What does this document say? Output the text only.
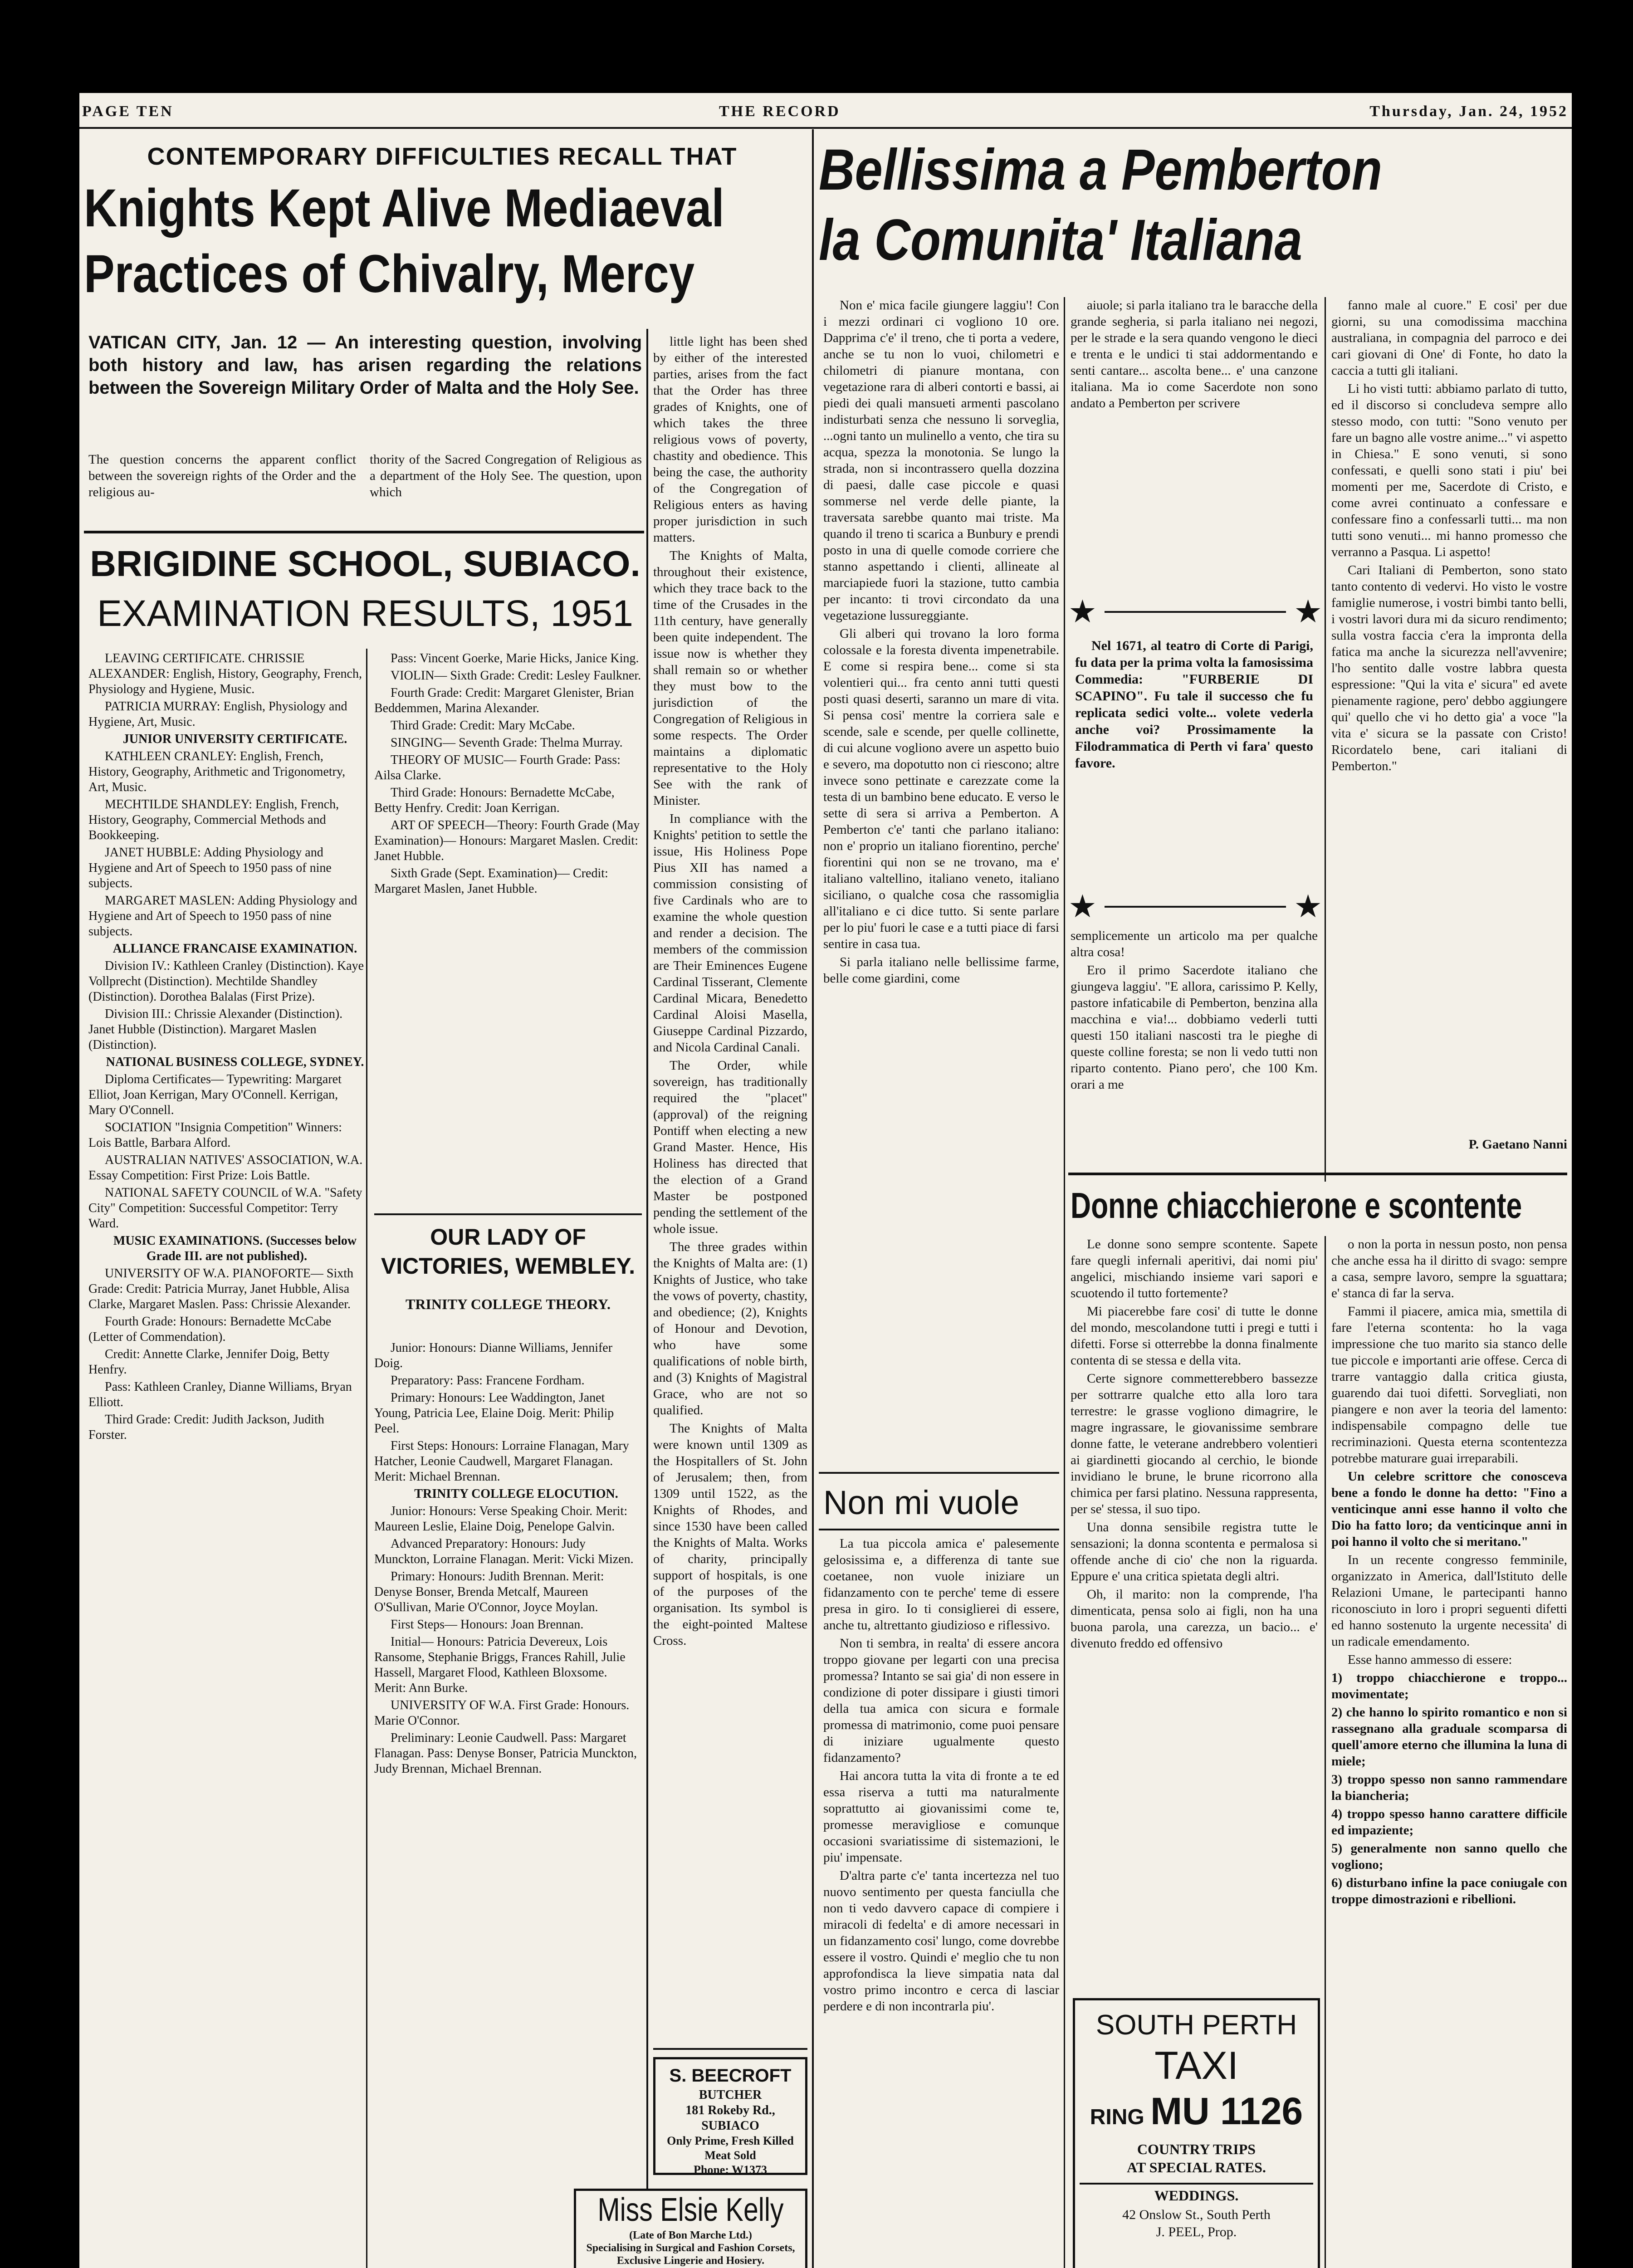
PAGE TEN	THE RECORD	Thursday, Jan. 24, 1952
CONTEMPORARY DIFFICULTIES RECALL THAT
Knights Kept Alive Mediaeval
Practices of Chivalry, Mercy
VATICAN CITY, Jan. 12 — An interesting question, involving both history and law, has arisen regarding the relations between the Sovereign Military Order of Malta and the Holy See.
The question concerns the apparent conflict between the sovereign rights of the Order and the religious au-
thority of the Sacred Congregation of Religious as a department of the Holy See. The question, upon which

little light has been shed by either of the interested parties, arises from the fact that the Order has three grades of Knights, one of which takes the three religious vows of poverty, chastity and obedience. This being the case, the authority of the Congregation of Religious enters as having proper jurisdiction in such matters.

The Knights of Malta, throughout their existence, which they trace back to the time of the Crusades in the 11th century, have generally been quite independent. The issue now is whether they shall remain so or whether they must bow to the jurisdiction of the Congregation of Religious in some respects. The Order maintains a diplomatic representative to the Holy See with the rank of Minister.

In compliance with the Knights' petition to settle the issue, His Holiness Pope Pius XII has named a commission consisting of five Cardinals who are to examine the whole question and render a decision. The members of the commission are Their Eminences Eugene Cardinal Tisserant, Clemente Cardinal Micara, Benedetto Cardinal Aloisi Masella, Giuseppe Cardinal Pizzardo, and Nicola Cardinal Canali.

The Order, while sovereign, has traditionally required the "placet" (approval) of the reigning Pontiff when electing a new Grand Master. Hence, His Holiness has directed that the election of a Grand Master be postponed pending the settlement of the whole issue.

The three grades within the Knights of Malta are: (1) Knights of Justice, who take the vows of poverty, chastity, and obedience; (2), Knights of Honour and Devotion, who have some qualifications of noble birth, and (3) Knights of Magistral Grace, who are not so qualified.

The Knights of Malta were known until 1309 as the Hospitallers of St. John of Jerusalem; then, from 1309 until 1522, as the Knights of Rhodes, and since 1530 have been called the Knights of Malta. Works of charity, principally support of hospitals, is one of the purposes of the organisation. Its symbol is the eight-pointed Maltese Cross.

BRIGIDINE SCHOOL, SUBIACO.
EXAMINATION RESULTS, 1951

LEAVING CERTIFICATE. CHRISSIE ALEXANDER: English, History, Geography, French, Physiology and Hygiene, Music.

PATRICIA MURRAY: English, Physiology and Hygiene, Art, Music.

JUNIOR UNIVERSITY CERTIFICATE.

KATHLEEN CRANLEY: English, French, History, Geography, Arithmetic and Trigonometry, Art, Music.

MECHTILDE SHANDLEY: English, French, History, Geography, Commercial Methods and Bookkeeping.

JANET HUBBLE: Adding Physiology and Hygiene and Art of Speech to 1950 pass of nine subjects.

MARGARET MASLEN: Adding Physiology and Hygiene and Art of Speech to 1950 pass of nine subjects.

ALLIANCE FRANCAISE EXAMINATION.

Division IV.: Kathleen Cranley (Distinction). Kaye Vollprecht (Distinction). Mechtilde Shandley (Distinction). Dorothea Balalas (First Prize).

Division III.: Chrissie Alexander (Distinction). Janet Hubble (Distinction). Margaret Maslen (Distinction).

NATIONAL BUSINESS COLLEGE, SYDNEY.

Diploma Certificates— Typewriting: Margaret Elliot, Joan Kerrigan, Mary O'Connell. Kerrigan, Mary O'Connell.

SOCIATION "Insignia Competition" Winners: Lois Battle, Barbara Alford.

AUSTRALIAN NATIVES' ASSOCIATION, W.A. Essay Competition: First Prize: Lois Battle.

NATIONAL SAFETY COUNCIL of W.A. "Safety City" Competition: Successful Competitor: Terry Ward.

MUSIC EXAMINATIONS. (Successes below Grade III. are not published).

UNIVERSITY OF W.A. PIANOFORTE— Sixth Grade: Credit: Patricia Murray, Janet Hubble, Alisa Clarke, Margaret Maslen. Pass: Chrissie Alexander.

Fourth Grade: Honours: Bernadette McCabe (Letter of Commendation).

Credit: Annette Clarke, Jennifer Doig, Betty Henfry.

Pass: Kathleen Cranley, Dianne Williams, Bryan Elliott.

Third Grade: Credit: Judith Jackson, Judith Forster.

Pass: Vincent Goerke, Marie Hicks, Janice King.

VIOLIN— Sixth Grade: Credit: Lesley Faulkner.

Fourth Grade: Credit: Margaret Glenister, Brian Beddemmen, Marina Alexander.

Third Grade: Credit: Mary McCabe.

SINGING— Seventh Grade: Thelma Murray.

THEORY OF MUSIC— Fourth Grade: Pass: Ailsa Clarke.

Third Grade: Honours: Bernadette McCabe, Betty Henfry. Credit: Joan Kerrigan.

ART OF SPEECH—Theory: Fourth Grade (May Examination)— Honours: Margaret Maslen. Credit: Janet Hubble.

Sixth Grade (Sept. Examination)— Credit: Margaret Maslen, Janet Hubble.

OUR LADY OF VICTORIES, WEMBLEY.
TRINITY COLLEGE THEORY.

Junior: Honours: Dianne Williams, Jennifer Doig.

Preparatory: Pass: Francene Fordham.

Primary: Honours: Lee Waddington, Janet Young, Patricia Lee, Elaine Doig. Merit: Philip Peel.

First Steps: Honours: Lorraine Flanagan, Mary Hatcher, Leonie Caudwell, Margaret Flanagan. Merit: Michael Brennan.

TRINITY COLLEGE ELOCUTION.

Junior: Honours: Verse Speaking Choir. Merit: Maureen Leslie, Elaine Doig, Penelope Galvin.

Advanced Preparatory: Honours: Judy Munckton, Lorraine Flanagan. Merit: Vicki Mizen.

Primary: Honours: Judith Brennan. Merit: Denyse Bonser, Brenda Metcalf, Maureen O'Sullivan, Marie O'Connor, Joyce Moylan.

First Steps— Honours: Joan Brennan.

Initial— Honours: Patricia Devereux, Lois Ransome, Stephanie Briggs, Frances Rahill, Julie Hassell, Margaret Flood, Kathleen Bloxsome. Merit: Ann Burke.

UNIVERSITY OF W.A. First Grade: Honours. Marie O'Connor.

Preliminary: Leonie Caudwell. Pass: Margaret Flanagan. Pass: Denyse Bonser, Patricia Munckton, Judy Brennan, Michael Brennan.

S. BEECROFT
BUTCHER
181 Rokeby Rd., SUBIACO
Only Prime, Fresh Killed
Meat Sold
Phone: W1373
Miss Elsie Kelly
(Late of Bon Marche Ltd.)
Specialising in Surgical and Fashion Corsets, Exclusive Lingerie and Hosiery.
Bellissima a Pemberton
la Comunita' Italiana

Non e' mica facile giungere laggiu'! Con i mezzi ordinari ci vogliono 10 ore. Dapprima c'e' il treno, che ti porta a vedere, anche se tu non lo vuoi, chilometri e chilometri di pianure montana, con vegetazione rara di alberi contorti e bassi, ai piedi dei quali mansueti armenti pascolano indisturbati senza che nessuno li sorveglia, ...ogni tanto un mulinello a vento, che tira su acqua, spezza la monotonia. Se lungo la strada, non si incontrassero quella dozzina di paesi, dalle case piccole e quasi sommerse nel verde delle piante, la traversata sarebbe quanto mai triste. Ma quando il treno ti scarica a Bunbury e prendi posto in una di quelle comode corriere che stanno aspettando i clienti, allineate al marciapiede fuori la stazione, tutto cambia per incanto: ti trovi circondato da una vegetazione lussureggiante.

Gli alberi qui trovano la loro forma colossale e la foresta diventa impenetrabile. E come si respira bene... come si sta volentieri qui... fra cento anni tutti questi posti quasi deserti, saranno un mare di vita. Si pensa cosi' mentre la corriera sale e scende, sale e scende, per quelle collinette, di cui alcune vogliono avere un aspetto buio e severo, ma dopotutto non ci riescono; altre invece sono pettinate e carezzate come la testa di un bambino bene educato. E verso le sette di sera si arriva a Pemberton. A Pemberton c'e' tanti che parlano italiano: non e' proprio un italiano fiorentino, perche' fiorentini qui non se ne trovano, ma e' italiano valtellino, italiano veneto, italiano siciliano, o qualche cosa che rassomiglia all'italiano e ci dice tutto. Si sente parlare per lo piu' fuori le case e a tutti piace di farsi sentire in casa tua.

Si parla italiano nelle bellissime farme, belle come giardini, come

aiuole; si parla italiano tra le baracche della grande segheria, si parla italiano nei negozi, per le strade e la sera quando vengono le dieci e trenta e le undici ti stai addormentando e senti cantare... ascolta bene... e' una canzone italiana. Ma io come Sacerdote non sono andato a Pemberton per scrivere

★	★
Nel 1671, al teatro di Corte di Parigi, fu data per la prima volta la famosissima Commedia: "FURBERIE DI SCAPINO". Fu tale il successo che fu replicata sedici volte... volete vederla anche voi? Prossimamente la Filodrammatica di Perth vi fara' questo favore.
★	★

semplicemente un articolo ma per qualche altra cosa!

Ero il primo Sacerdote italiano che giungeva laggiu'. "E allora, carissimo P. Kelly, pastore infaticabile di Pemberton, benzina alla macchina e via!... dobbiamo vederli tutti questi 150 italiani nascosti tra le pieghe di queste colline foresta; se non li vedo tutti non riparto contento. Piano pero', che 100 Km. orari a me

fanno male al cuore." E cosi' per due giorni, su una comodissima macchina australiana, in compagnia del parroco e dei cari giovani di One' di Fonte, ho dato la caccia a tutti gli italiani.

Li ho visti tutti: abbiamo parlato di tutto, ed il discorso si concludeva sempre allo stesso modo, con tutti: "Sono venuto per fare un bagno alle vostre anime..." vi aspetto in Chiesa." E sono venuti, si sono confessati, e quelli sono stati i piu' bei momenti per me, Sacerdote di Cristo, e come avrei continuato a confessare e confessare fino a confessarli tutti... ma non tutti sono venuti... mi hanno promesso che verranno a Pasqua. Li aspetto!

Cari Italiani di Pemberton, sono stato tanto contento di vedervi. Ho visto le vostre famiglie numerose, i vostri bimbi tanto belli, i vostri lavori dura mi da sicuro rendimento; sulla vostra faccia c'era la impronta della fatica ma anche la sicurezza nell'avvenire; l'ho sentito dalle vostre labbra questa espressione: "Qui la vita e' sicura" ed avete pienamente ragione, pero' debbo aggiungere qui' quello che vi ho detto gia' a voce "la vita e' sicura se la passate con Cristo! Ricordatelo bene, cari italiani di Pemberton."

P. Gaetano Nanni
Non mi vuole

La tua piccola amica e' palesemente gelosissima e, a differenza di tante sue coetanee, non vuole iniziare un fidanzamento con te perche' teme di essere presa in giro. Io ti consiglierei di essere, anche tu, altrettanto giudizioso e riflessivo.

Non ti sembra, in realta' di essere ancora troppo giovane per legarti con una precisa promessa? Intanto se sai gia' di non essere in condizione di poter dissipare i giusti timori della tua amica con sicura e formale promessa di matrimonio, come puoi pensare di iniziare ugualmente questo fidanzamento?

Hai ancora tutta la vita di fronte a te ed essa riserva a tutti ma naturalmente soprattutto ai giovanissimi come te, promesse meravigliose e comunque occasioni svariatissime di sistemazioni, le piu' impensate.

D'altra parte c'e' tanta incertezza nel tuo nuovo sentimento per questa fanciulla che non ti vedo davvero capace di compiere i miracoli di fedelta' e di amore necessari in un fidanzamento cosi' lungo, come dovrebbe essere il vostro. Quindi e' meglio che tu non approfondisca la lieve simpatia nata dal vostro primo incontro e cerca di lasciar perdere e di non incontrarla piu'.

Donne chiacchierone e scontente

Le donne sono sempre scontente. Sapete fare quegli infernali aperitivi, dai nomi piu' angelici, mischiando insieme vari sapori e scuotendo il tutto fortemente?

Mi piacerebbe fare cosi' di tutte le donne del mondo, mescolandone tutti i pregi e tutti i difetti. Forse si otterrebbe la donna finalmente contenta di se stessa e della vita.

Certe signore commetterebbero bassezze per sottrarre qualche etto alla loro tara terrestre: le grasse vogliono dimagrire, le magre ingrassare, le giovanissime sembrare donne fatte, le veterane andrebbero volentieri ai giardinetti giocando al cerchio, le bionde invidiano le brune, le brune ricorrono alla chimica per farsi platino. Nessuna rappresenta, per se' stessa, il suo tipo.

Una donna sensibile registra tutte le sensazioni; la donna scontenta e permalosa si offende anche di cio' che non la riguarda. Eppure e' una critica spietata degli altri.

Oh, il marito: non la comprende, l'ha dimenticata, pensa solo ai figli, non ha una buona parola, una carezza, un bacio... e' divenuto freddo ed offensivo

o non la porta in nessun posto, non pensa che anche essa ha il diritto di svago: sempre a casa, sempre lavoro, sempre la sguattara; e' stanca di far la serva.

Fammi il piacere, amica mia, smettila di fare l'eterna scontenta: ho la vaga impressione che tuo marito sia stanco delle tue piccole e importanti arie offese. Cerca di trarre vantaggio dalla critica giusta, guarendo dai tuoi difetti. Sorvegliati, non piangere e non aver la teoria del lamento: indispensabile compagno delle tue recriminazioni. Questa eterna scontentezza potrebbe maturare guai irreparabili.

Un celebre scrittore che conosceva bene a fondo le donne ha detto: "Fino a venticinque anni esse hanno il volto che Dio ha fatto loro; da venticinque anni in poi hanno il volto che si meritano."

In un recente congresso femminile, organizzato in America, dall'Istituto delle Relazioni Umane, le partecipanti hanno riconosciuto in loro i propri seguenti difetti ed hanno sostenuto la urgente necessita' di un radicale emendamento.

Esse hanno ammesso di essere:

1) troppo chiacchierone e troppo... movimentate;

2) che hanno lo spirito romantico e non si rassegnano alla graduale scomparsa di quell'amore eterno che illumina la luna di miele;

3) troppo spesso non sanno rammendare la biancheria;

4) troppo spesso hanno carattere difficile ed impaziente;

5) generalmente non sanno quello che vogliono;

6) disturbano infine la pace coniugale con troppe dimostrazioni e ribellioni.

SOUTH PERTH
TAXI
RING MU 1126
COUNTRY TRIPS
AT SPECIAL RATES.
WEDDINGS.
42 Onslow St., South Perth
J. PEEL, Prop.
